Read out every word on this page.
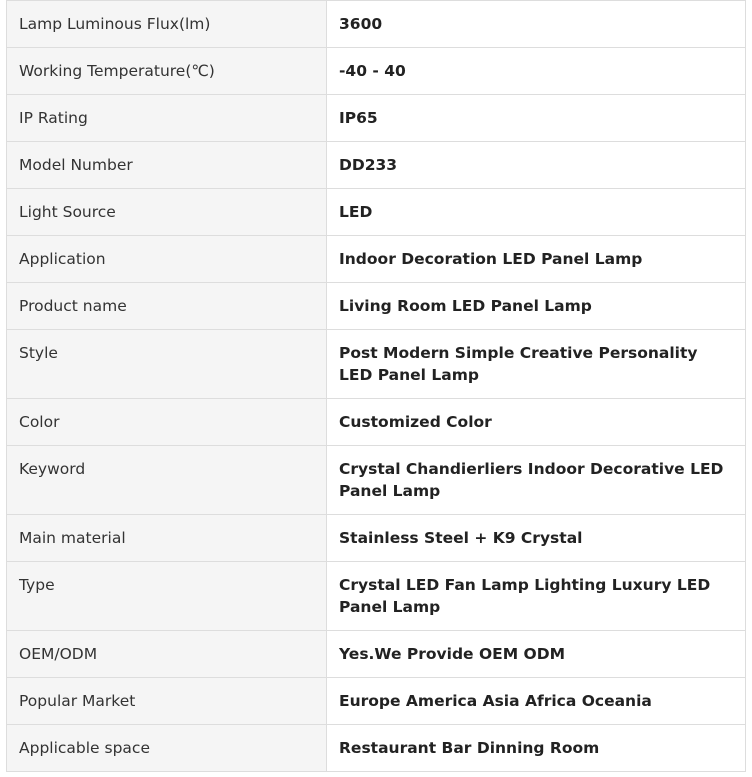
Lamp Luminous Flux(lm)	3600
Working Temperature(℃)	-40 - 40
IP Rating	IP65
Model Number	DD233
Light Source	LED
Application	Indoor Decoration LED Panel Lamp
Product name	Living Room LED Panel Lamp
Style	Post Modern Simple Creative Personality LED Panel Lamp
Color	Customized Color
Keyword	Crystal Chandierliers Indoor Decorative LED Panel Lamp
Main material	Stainless Steel + K9 Crystal
Type	Crystal LED Fan Lamp Lighting Luxury LED Panel Lamp
OEM/ODM	Yes.We Provide OEM ODM
Popular Market	Europe America Asia Africa Oceania
Applicable space	Restaurant Bar Dinning Room
